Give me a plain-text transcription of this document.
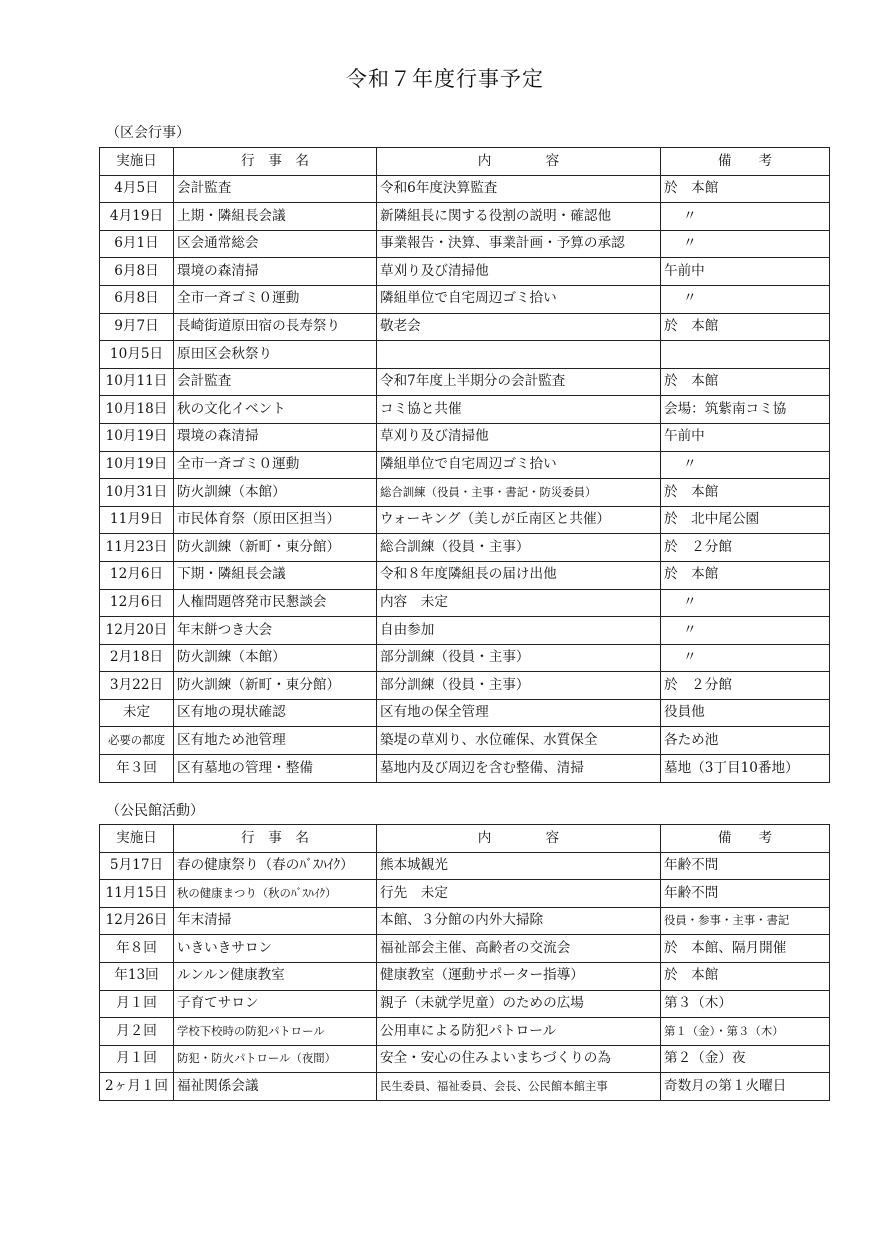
令和７年度行事予定
（区会行事）
実施日	行　事　名	内　　　　容	備　　考
4月5日	会計監査	令和6年度決算監査	於　本館
4月19日	上期・隣組長会議	新隣組長に関する役割の説明・確認他	〃
6月1日	区会通常総会	事業報告・決算、事業計画・予算の承認	〃
6月8日	環境の森清掃	草刈り及び清掃他	午前中
6月8日	全市一斉ゴミ０運動	隣組単位で自宅周辺ゴミ拾い	〃
9月7日	長崎街道原田宿の長寿祭り	敬老会	於　本館
10月5日	原田区会秋祭り		
10月11日	会計監査	令和7年度上半期分の会計監査	於　本館
10月18日	秋の文化イベント	コミ協と共催	会場：筑紫南コミ協
10月19日	環境の森清掃	草刈り及び清掃他	午前中
10月19日	全市一斉ゴミ０運動	隣組単位で自宅周辺ゴミ拾い	〃
10月31日	防火訓練（本館）	総合訓練（役員・主事・書記・防災委員）	於　本館
11月9日	市民体育祭（原田区担当）	ウォーキング（美しが丘南区と共催）	於　北中尾公園
11月23日	防火訓練（新町・東分館）	総合訓練（役員・主事）	於　２分館
12月6日	下期・隣組長会議	令和８年度隣組長の届け出他	於　本館
12月6日	人権問題啓発市民懇談会	内容　未定	〃
12月20日	年末餅つき大会	自由参加	〃
2月18日	防火訓練（本館）	部分訓練（役員・主事）	〃
3月22日	防火訓練（新町・東分館）	部分訓練（役員・主事）	於　２分館
未定	区有地の現状確認	区有地の保全管理	役員他
必要の都度	区有地ため池管理	築堤の草刈り、水位確保、水質保全	各ため池
年３回	区有墓地の管理・整備	墓地内及び周辺を含む整備、清掃	墓地（3丁目10番地）
（公民館活動）
実施日	行　事　名	内　　　　容	備　　考
5月17日	春の健康祭り（春のﾊﾞｽﾊｲｸ）	熊本城観光	年齢不問
11月15日	秋の健康まつり（秋のﾊﾞｽﾊｲｸ）	行先　未定	年齢不問
12月26日	年末清掃	本館、３分館の内外大掃除	役員・参事・主事・書記
年８回	いきいきサロン	福祉部会主催、高齢者の交流会	於　本館、隔月開催
年13回	ルンルン健康教室	健康教室（運動サポーター指導）	於　本館
月１回	子育てサロン	親子（未就学児童）のための広場	第３（木）
月２回	学校下校時の防犯パトロール	公用車による防犯パトロール	第１（金）・第３（木）
月１回	防犯・防火パトロール（夜間）	安全・安心の住みよいまちづくりの為	第２（金）夜
2ヶ月１回	福祉関係会議	民生委員、福祉委員、会長、公民館本館主事	奇数月の第１火曜日
